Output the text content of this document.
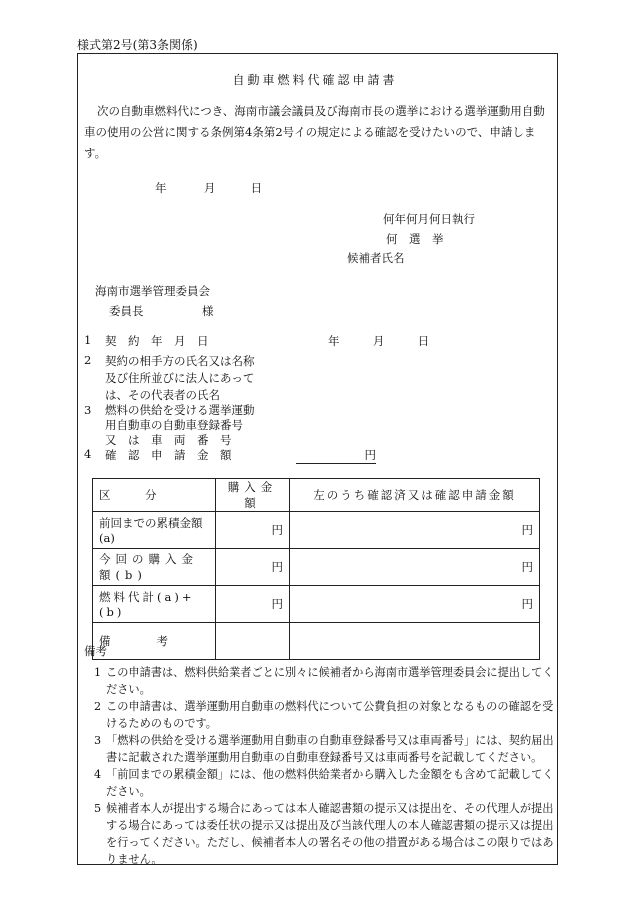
様式第2号(第3条関係)
自動車燃料代確認申請書
次の自動車燃料代につき、海南市議会議員及び海南市長の選挙における選挙運動用自動車の使用の公営に関する条例第4条第2号イの規定による確認を受けたいので、申請します。
年	月	日
何年何月何日執行
何　選　挙
候補者氏名
海南市選挙管理委員会
委員長	様
1 契　約　年　月　日	年	月	日
2 契約の相手方の氏名又は名称
及び住所並びに法人にあって
は、その代表者の氏名
3 燃料の供給を受ける選挙運動
用自動車の自動車登録番号
又　は　車　両　番　号
4 確　認　申　請　金　額	円
区　　　分	購入金額	左のうち確認済又は確認申請金額
前回までの累積金額(a)	円	円
今回の購入金額(b)	円	円
燃料代計(a)+(b)	円	円
備　　　　考		
備考

1 この申請書は、燃料供給業者ごとに別々に候補者から海南市選挙管理委員会に提出してください。

2 この申請書は、選挙運動用自動車の燃料代について公費負担の対象となるものの確認を受けるためのものです。

3 「燃料の供給を受ける選挙運動用自動車の自動車登録番号又は車両番号」には、契約届出書に記載された選挙運動用自動車の自動車登録番号又は車両番号を記載してください。

4 「前回までの累積金額」には、他の燃料供給業者から購入した金額をも含めて記載してください。

5 候補者本人が提出する場合にあっては本人確認書類の提示又は提出を、その代理人が提出する場合にあっては委任状の提示又は提出及び当該代理人の本人確認書類の提示又は提出を行ってください。ただし、候補者本人の署名その他の措置がある場合はこの限りではありません。
